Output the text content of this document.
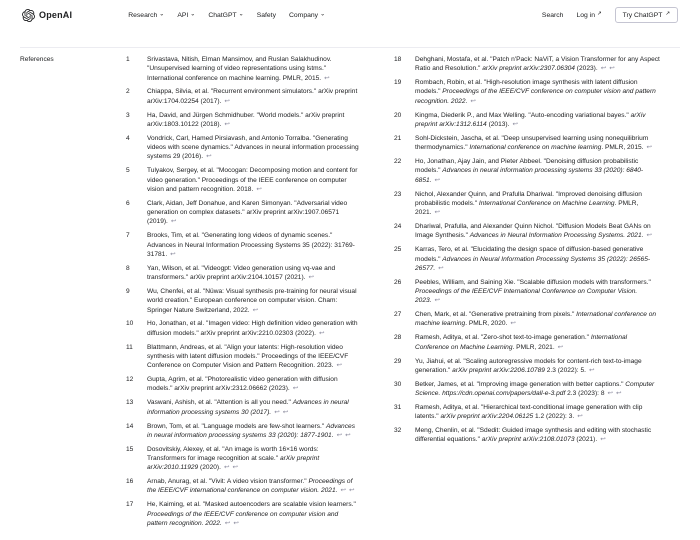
OpenAI	Research ⌄ API ⌄ ChatGPT ⌄ Safety Company ⌄	Search Log in ↗	Try ChatGPT ↗
References	1	Srivastava, Nitish, Elman Mansimov, and Ruslan Salakhudinov. "Unsupervised learning of video representations using lstms." International conference on machine learning. PMLR, 2015. ↩
2	Chiappa, Silvia, et al. "Recurrent environment simulators." arXiv preprint arXiv:1704.02254 (2017). ↩
3	Ha, David, and Jürgen Schmidhuber. "World models." arXiv preprint arXiv:1803.10122 (2018). ↩
4	Vondrick, Carl, Hamed Pirsiavash, and Antonio Torralba. "Generating videos with scene dynamics." Advances in neural information processing systems 29 (2016). ↩
5	Tulyakov, Sergey, et al. "Mocogan: Decomposing motion and content for video generation." Proceedings of the IEEE conference on computer vision and pattern recognition. 2018. ↩
6	Clark, Aidan, Jeff Donahue, and Karen Simonyan. "Adversarial video generation on complex datasets." arXiv preprint arXiv:1907.06571 (2019). ↩
7	Brooks, Tim, et al. "Generating long videos of dynamic scenes." Advances in Neural Information Processing Systems 35 (2022): 31769-31781. ↩
8	Yan, Wilson, et al. "Videogpt: Video generation using vq-vae and transformers." arXiv preprint arXiv:2104.10157 (2021). ↩
9	Wu, Chenfei, et al. "Nüwa: Visual synthesis pre-training for neural visual world creation." European conference on computer vision. Cham: Springer Nature Switzerland, 2022. ↩
10	Ho, Jonathan, et al. "Imagen video: High definition video generation with diffusion models." arXiv preprint arXiv:2210.02303 (2022). ↩
11	Blattmann, Andreas, et al. "Align your latents: High-resolution video synthesis with latent diffusion models." Proceedings of the IEEE/CVF Conference on Computer Vision and Pattern Recognition. 2023. ↩
12	Gupta, Agrim, et al. "Photorealistic video generation with diffusion models." arXiv preprint arXiv:2312.06662 (2023). ↩
13	Vaswani, Ashish, et al. "Attention is all you need." Advances in neural information processing systems 30 (2017). ↩ ↩
14	Brown, Tom, et al. "Language models are few-shot learners." Advances in neural information processing systems 33 (2020): 1877-1901. ↩ ↩
15	Dosovitskiy, Alexey, et al. "An image is worth 16×16 words: Transformers for image recognition at scale." arXiv preprint arXiv:2010.11929 (2020). ↩ ↩
16	Arnab, Anurag, et al. "Vivit: A video vision transformer." Proceedings of the IEEE/CVF international conference on computer vision. 2021. ↩ ↩
17	He, Kaiming, et al. "Masked autoencoders are scalable vision learners." Proceedings of the IEEE/CVF conference on computer vision and pattern recognition. 2022. ↩ ↩
18	Dehghani, Mostafa, et al. "Patch n'Pack: NaViT, a Vision Transformer for any Aspect Ratio and Resolution." arXiv preprint arXiv:2307.06304 (2023). ↩ ↩
19	Rombach, Robin, et al. "High-resolution image synthesis with latent diffusion models." Proceedings of the IEEE/CVF conference on computer vision and pattern recognition. 2022. ↩
20	Kingma, Diederik P., and Max Welling. "Auto-encoding variational bayes." arXiv preprint arXiv:1312.6114 (2013). ↩
21	Sohl-Dickstein, Jascha, et al. "Deep unsupervised learning using nonequilibrium thermodynamics." International conference on machine learning. PMLR, 2015. ↩
22	Ho, Jonathan, Ajay Jain, and Pieter Abbeel. "Denoising diffusion probabilistic models." Advances in neural information processing systems 33 (2020): 6840-6851. ↩
23	Nichol, Alexander Quinn, and Prafulla Dhariwal. "Improved denoising diffusion probabilistic models." International Conference on Machine Learning. PMLR, 2021. ↩
24	Dhariwal, Prafulla, and Alexander Quinn Nichol. "Diffusion Models Beat GANs on Image Synthesis." Advances in Neural Information Processing Systems. 2021. ↩
25	Karras, Tero, et al. "Elucidating the design space of diffusion-based generative models." Advances in Neural Information Processing Systems 35 (2022): 26565-26577. ↩
26	Peebles, William, and Saining Xie. "Scalable diffusion models with transformers." Proceedings of the IEEE/CVF International Conference on Computer Vision. 2023. ↩
27	Chen, Mark, et al. "Generative pretraining from pixels." International conference on machine learning. PMLR, 2020. ↩
28	Ramesh, Aditya, et al. "Zero-shot text-to-image generation." International Conference on Machine Learning. PMLR, 2021. ↩
29	Yu, Jiahui, et al. "Scaling autoregressive models for content-rich text-to-image generation." arXiv preprint arXiv:2206.10789 2.3 (2022): 5. ↩
30	Betker, James, et al. "Improving image generation with better captions." Computer Science. https://cdn.openai.com/papers/dall-e-3.pdf 2.3 (2023): 8 ↩ ↩
31	Ramesh, Aditya, et al. "Hierarchical text-conditional image generation with clip latents." arXiv preprint arXiv:2204.06125 1.2 (2022): 3. ↩
32	Meng, Chenlin, et al. "Sdedit: Guided image synthesis and editing with stochastic differential equations." arXiv preprint arXiv:2108.01073 (2021). ↩
